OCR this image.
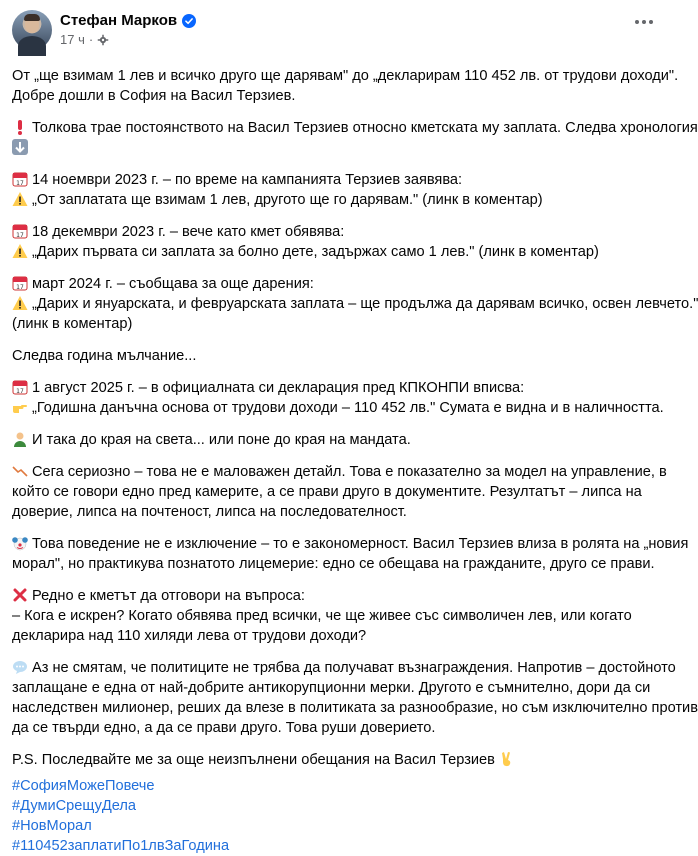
Стефан Марков
17 ч ·
От „ще взимам 1 лев и всичко друго ще дарявам" до „декларирам 110 452 лв. от трудови доходи".
Добре дошли в София на Васил Терзиев.
Толкова трае постоянството на Васил Терзиев относно кметската му заплата. Следва хронология
17 14 ноември 2023 г. – по време на кампанията Терзиев заявява:
„От заплатата ще взимам 1 лев, другото ще го дарявам." (линк в коментар)
17 18 декември 2023 г. – вече като кмет обявява:
„Дарих първата си заплата за болно дете, задържах само 1 лев." (линк в коментар)
17 март 2024 г. – съобщава за още дарения:
„Дарих и януарската, и февруарската заплата – ще продължа да дарявам всичко, освен левчето."
(линк в коментар)
Следва година мълчание...
17 1 август 2025 г. – в официалната си декларация пред КПКОНПИ вписва:
„Годишна данъчна основа от трудови доходи – 110 452 лв." Сумата е видна и в наличността.
И така до края на света... или поне до края на мандата.
Сега сериозно – това не е маловажен детайл. Това е показателно за модел на управление, в
който се говори едно пред камерите, а се прави друго в документите. Резултатът – липса на
доверие, липса на почтеност, липса на последователност.
Това поведение не е изключение – то е закономерност. Васил Терзиев влиза в ролята на „новия
морал", но практикува познатото лицемерие: едно се обещава на гражданите, друго се прави.
Редно е кметът да отговори на въпроса:
– Кога е искрен? Когато обявява пред всички, че ще живее със символичен лев, или когато
декларира над 110 хиляди лева от трудови доходи?
Аз не смятам, че политиците не трябва да получават възнаграждения. Напротив – достойното
заплащане е една от най-добрите антикорупционни мерки. Другото е съмнително, дори да си
наследствен милионер, реших да влезе в политиката за разнообразие, но съм изключително против
да се твърди едно, а да се прави друго. Това руши доверието.
P.S. Последвайте ме за още неизпълнени обещания на Васил Терзиев
#СофияМожеПовече
#ДумиСрещуДела
#НовМорал
#110452заплатиПо1лвЗаГодина
